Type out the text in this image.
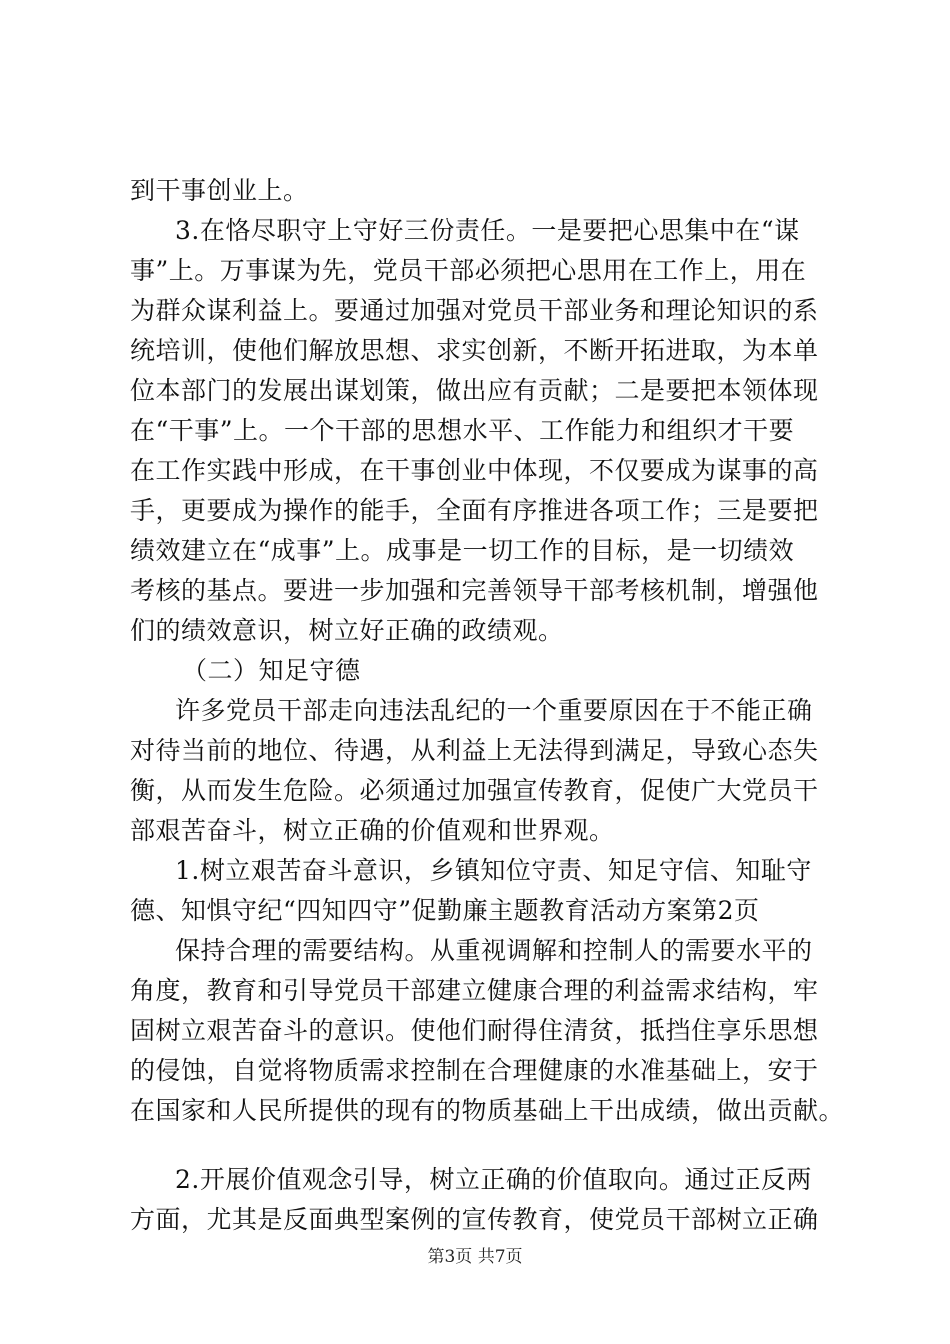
到干事创业上。
3.在恪尽职守上守好三份责任。一是要把心思集中在“谋
事”上。万事谋为先，党员干部必须把心思用在工作上，用在
为群众谋利益上。要通过加强对党员干部业务和理论知识的系
统培训，使他们解放思想、求实创新，不断开拓进取，为本单
位本部门的发展出谋划策，做出应有贡献；二是要把本领体现
在“干事”上。一个干部的思想水平、工作能力和组织才干要
在工作实践中形成，在干事创业中体现，不仅要成为谋事的高
手，更要成为操作的能手，全面有序推进各项工作；三是要把
绩效建立在“成事”上。成事是一切工作的目标，是一切绩效
考核的基点。要进一步加强和完善领导干部考核机制，增强他
们的绩效意识，树立好正确的政绩观。
（二）知足守德
许多党员干部走向违法乱纪的一个重要原因在于不能正确
对待当前的地位、待遇，从利益上无法得到满足，导致心态失
衡，从而发生危险。必须通过加强宣传教育，促使广大党员干
部艰苦奋斗，树立正确的价值观和世界观。
1.树立艰苦奋斗意识，乡镇知位守责、知足守信、知耻守
德、知惧守纪“四知四守”促勤廉主题教育活动方案第2页
保持合理的需要结构。从重视调解和控制人的需要水平的
角度，教育和引导党员干部建立健康合理的利益需求结构，牢
固树立艰苦奋斗的意识。使他们耐得住清贫，抵挡住享乐思想
的侵蚀，自觉将物质需求控制在合理健康的水准基础上，安于
在国家和人民所提供的现有的物质基础上干出成绩，做出贡献。
2.开展价值观念引导，树立正确的价值取向。通过正反两
方面，尤其是反面典型案例的宣传教育，使党员干部树立正确
第3页 共7页
